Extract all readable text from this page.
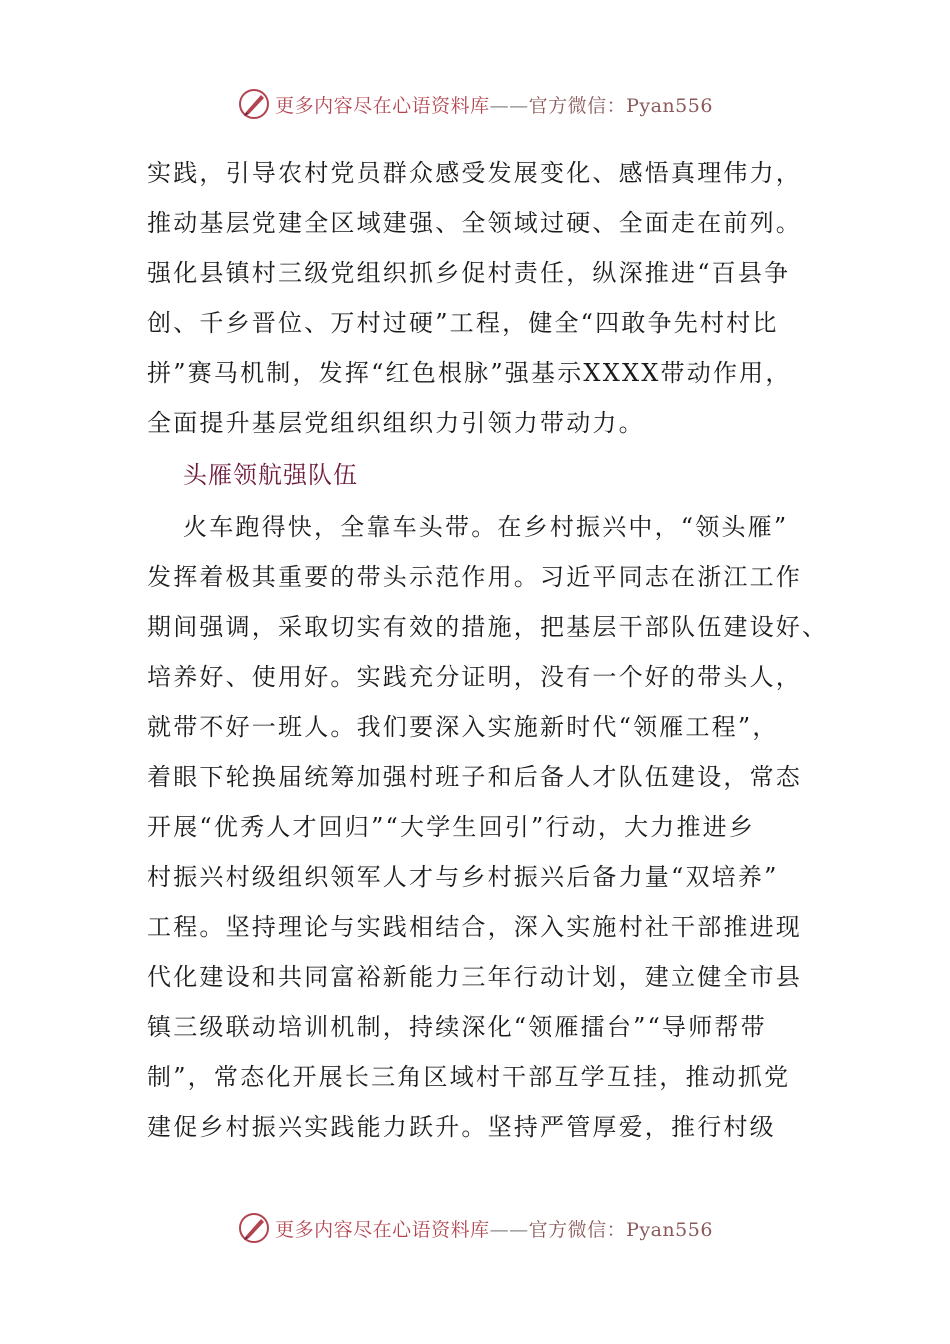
更多内容尽在心语资料库——官方微信：Pyan556
实践，引导农村党员群众感受发展变化、感悟真理伟力，
推动基层党建全区域建强、全领域过硬、全面走在前列。
强化县镇村三级党组织抓乡促村责任，纵深推进“百县争
创、千乡晋位、万村过硬”工程，健全“四敢争先村村比
拼”赛马机制，发挥“红色根脉”强基示XXXX带动作用，
全面提升基层党组织组织力引领力带动力。
头雁领航强队伍
火车跑得快，全靠车头带。在乡村振兴中，“领头雁”
发挥着极其重要的带头示范作用。习近平同志在浙江工作
期间强调，采取切实有效的措施，把基层干部队伍建设好、
培养好、使用好。实践充分证明，没有一个好的带头人，
就带不好一班人。我们要深入实施新时代“领雁工程”，
着眼下轮换届统筹加强村班子和后备人才队伍建设，常态
开展“优秀人才回归”“大学生回引”行动，大力推进乡
村振兴村级组织领军人才与乡村振兴后备力量“双培养”
工程。坚持理论与实践相结合，深入实施村社干部推进现
代化建设和共同富裕新能力三年行动计划，建立健全市县
镇三级联动培训机制，持续深化“领雁擂台”“导师帮带
制”，常态化开展长三角区域村干部互学互挂，推动抓党
建促乡村振兴实践能力跃升。坚持严管厚爱，推行村级
更多内容尽在心语资料库——官方微信：Pyan556
